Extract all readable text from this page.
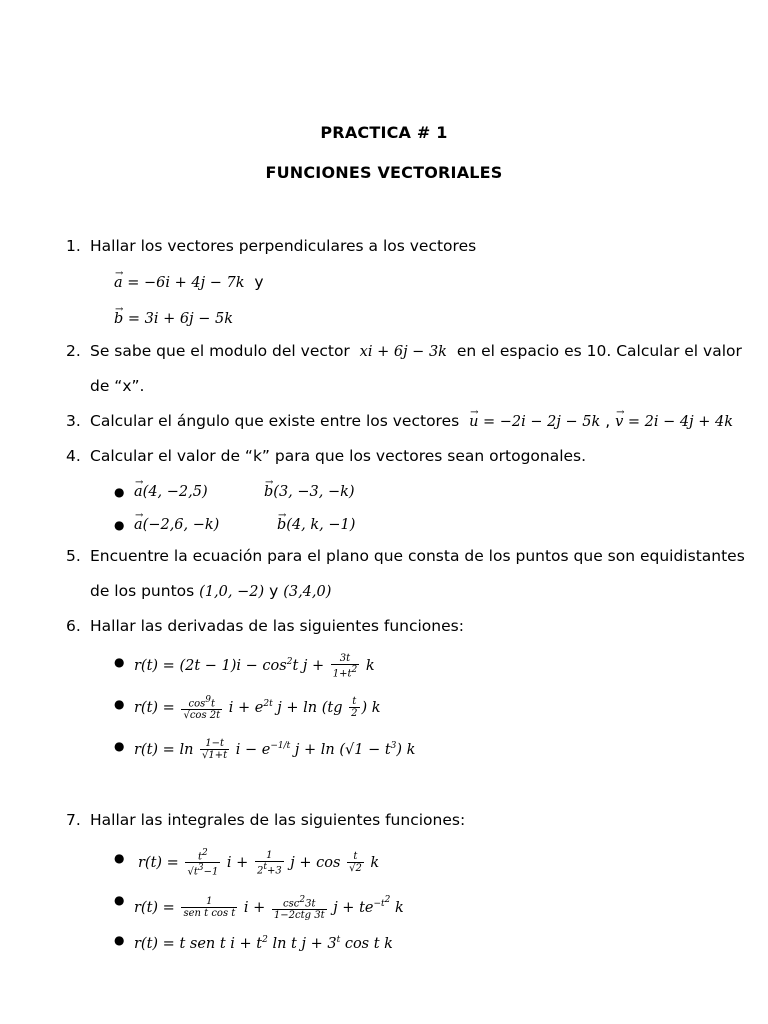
PRACTICA # 1
FUNCIONES VECTORIALES
1. Hallar los vectores perpendiculares a los vectores
→ a = −6i + 4j − 7k y
→ b = 3i + 6j − 5k
2. Se sabe que el modulo del vector xi + 6j − 3k en el espacio es 10. Calcular el valor
de “x”.
3. Calcular el ángulo que existe entre los vectores → u = −2i − 2j − 5k , → v = 2i − 4j + 4k
4. Calcular el valor de “k” para que los vectores sean ortogonales.
● → a(4, −2,5)	→ b(3, −3, −k)
● → a(−2,6, −k)	→ b(4, k, −1)
5. Encuentre la ecuación para el plano que consta de los puntos que son equidistantes
de los puntos (1,0, −2) y (3,4,0)
6. Hallar las derivadas de las siguientes funciones:
● $r(t) = (2t - 1)i - \cos^2t$ $j + \frac{3t}{1+t^2}$ k
● $r(t) = \frac{\cos^9t}{√\cos 2t}$ $i + e^{2t}$ $j + \ln (tg \frac{t}{2}$ ) k
● $r(t) = \ln \frac{1-t}{√1+t}$ $i - e^{-1/t}$ $j + \ln (√1 - t^3)$ k
7. Hallar las integrales de las siguientes funciones:
● $r(t) = \frac{t^2}{√t^3-1}$ $i + \frac{1}{2^t+3}$ $j + \cos \frac{t}{√2}$ k
● $r(t) = \frac{1}{\text{sen t cos t}}$ $i + \frac{\csc^23t}{\text{1−2ctg 3t}}$ $j + te^{-t^2}$ k
● r(t) = t sen t $i + t^2$ ln t $j + 3^t$ cos t k
